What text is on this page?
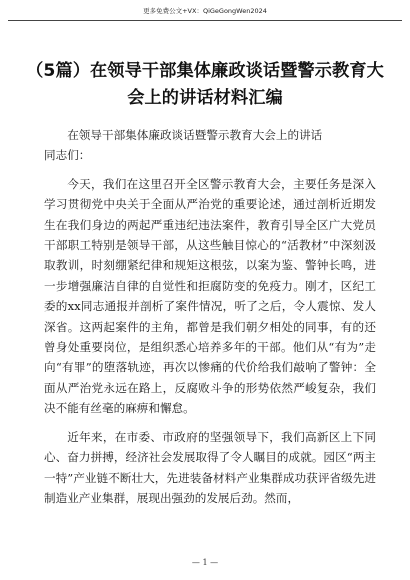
更多免费公文+VX：QiGeGongWen2024
（5篇）在领导干部集体廉政谈话暨警示教育大会上的讲话材料汇编

在领导干部集体廉政谈话暨警示教育大会上的讲话

同志们：

今天，我们在这里召开全区警示教育大会，主要任务是深入学习贯彻党中央关于全面从严治党的重要论述，通过剖析近期发生在我们身边的两起严重违纪违法案件，教育引导全区广大党员干部职工特别是领导干部，从这些触目惊心的“活教材”中深刻汲取教训，时刻绷紧纪律和规矩这根弦，以案为鉴、警钟长鸣，进一步增强廉洁自律的自觉性和拒腐防变的免疫力。刚才，区纪工委的xx同志通报并剖析了案件情况，听了之后，令人震惊、发人深省。这两起案件的主角，都曾是我们朝夕相处的同事，有的还曾身处重要岗位，是组织悉心培养多年的干部。他们从“有为”走向“有罪”的堕落轨迹，再次以惨痛的代价给我们敲响了警钟：全面从严治党永远在路上，反腐败斗争的形势依然严峻复杂，我们决不能有丝毫的麻痹和懈怠。

近年来，在市委、市政府的坚强领导下，我们高新区上下同心、奋力拼搏，经济社会发展取得了令人瞩目的成就。园区“两主一特”产业链不断壮大，先进装备材料产业集群成功获评省级先进制造业产业集群，展现出强劲的发展后劲。然而，

— 1 —
